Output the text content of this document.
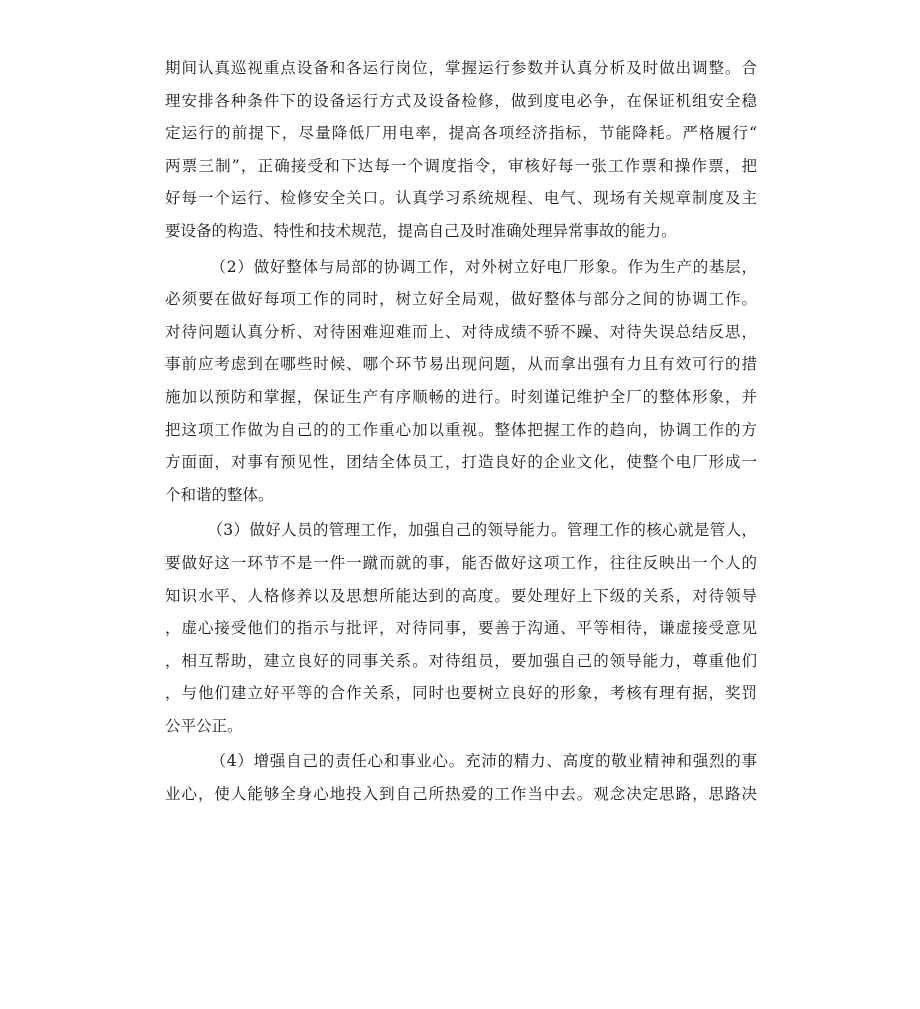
期间认真巡视重点设备和各运行岗位，掌握运行参数并认真分析及时做出调整。合
理安排各种条件下的设备运行方式及设备检修，做到度电必争，在保证机组安全稳
定运行的前提下，尽量降低厂用电率，提高各项经济指标，节能降耗。严格履行“
两票三制”，正确接受和下达每一个调度指令，审核好每一张工作票和操作票，把
好每一个运行、检修安全关口。认真学习系统规程、电气、现场有关规章制度及主
要设备的构造、特性和技术规范，提高自己及时准确处理异常事故的能力。
（2）做好整体与局部的协调工作，对外树立好电厂形象。作为生产的基层，
必须要在做好每项工作的同时，树立好全局观，做好整体与部分之间的协调工作。
对待问题认真分析、对待困难迎难而上、对待成绩不骄不躁、对待失误总结反思，
事前应考虑到在哪些时候、哪个环节易出现问题，从而拿出强有力且有效可行的措
施加以预防和掌握，保证生产有序顺畅的进行。时刻谨记维护全厂的整体形象，并
把这项工作做为自己的的工作重心加以重视。整体把握工作的趋向，协调工作的方
方面面，对事有预见性，团结全体员工，打造良好的企业文化，使整个电厂形成一
个和谐的整体。
（3）做好人员的管理工作，加强自己的领导能力。管理工作的核心就是管人，
要做好这一环节不是一件一蹴而就的事，能否做好这项工作，往往反映出一个人的
知识水平、人格修养以及思想所能达到的高度。要处理好上下级的关系，对待领导
，虚心接受他们的指示与批评，对待同事，要善于沟通、平等相待，谦虚接受意见
，相互帮助，建立良好的同事关系。对待组员，要加强自己的领导能力，尊重他们
，与他们建立好平等的合作关系，同时也要树立良好的形象，考核有理有据，奖罚
公平公正。
（4）增强自己的责任心和事业心。充沛的精力、高度的敬业精神和强烈的事
业心，使人能够全身心地投入到自己所热爱的工作当中去。观念决定思路，思路决
